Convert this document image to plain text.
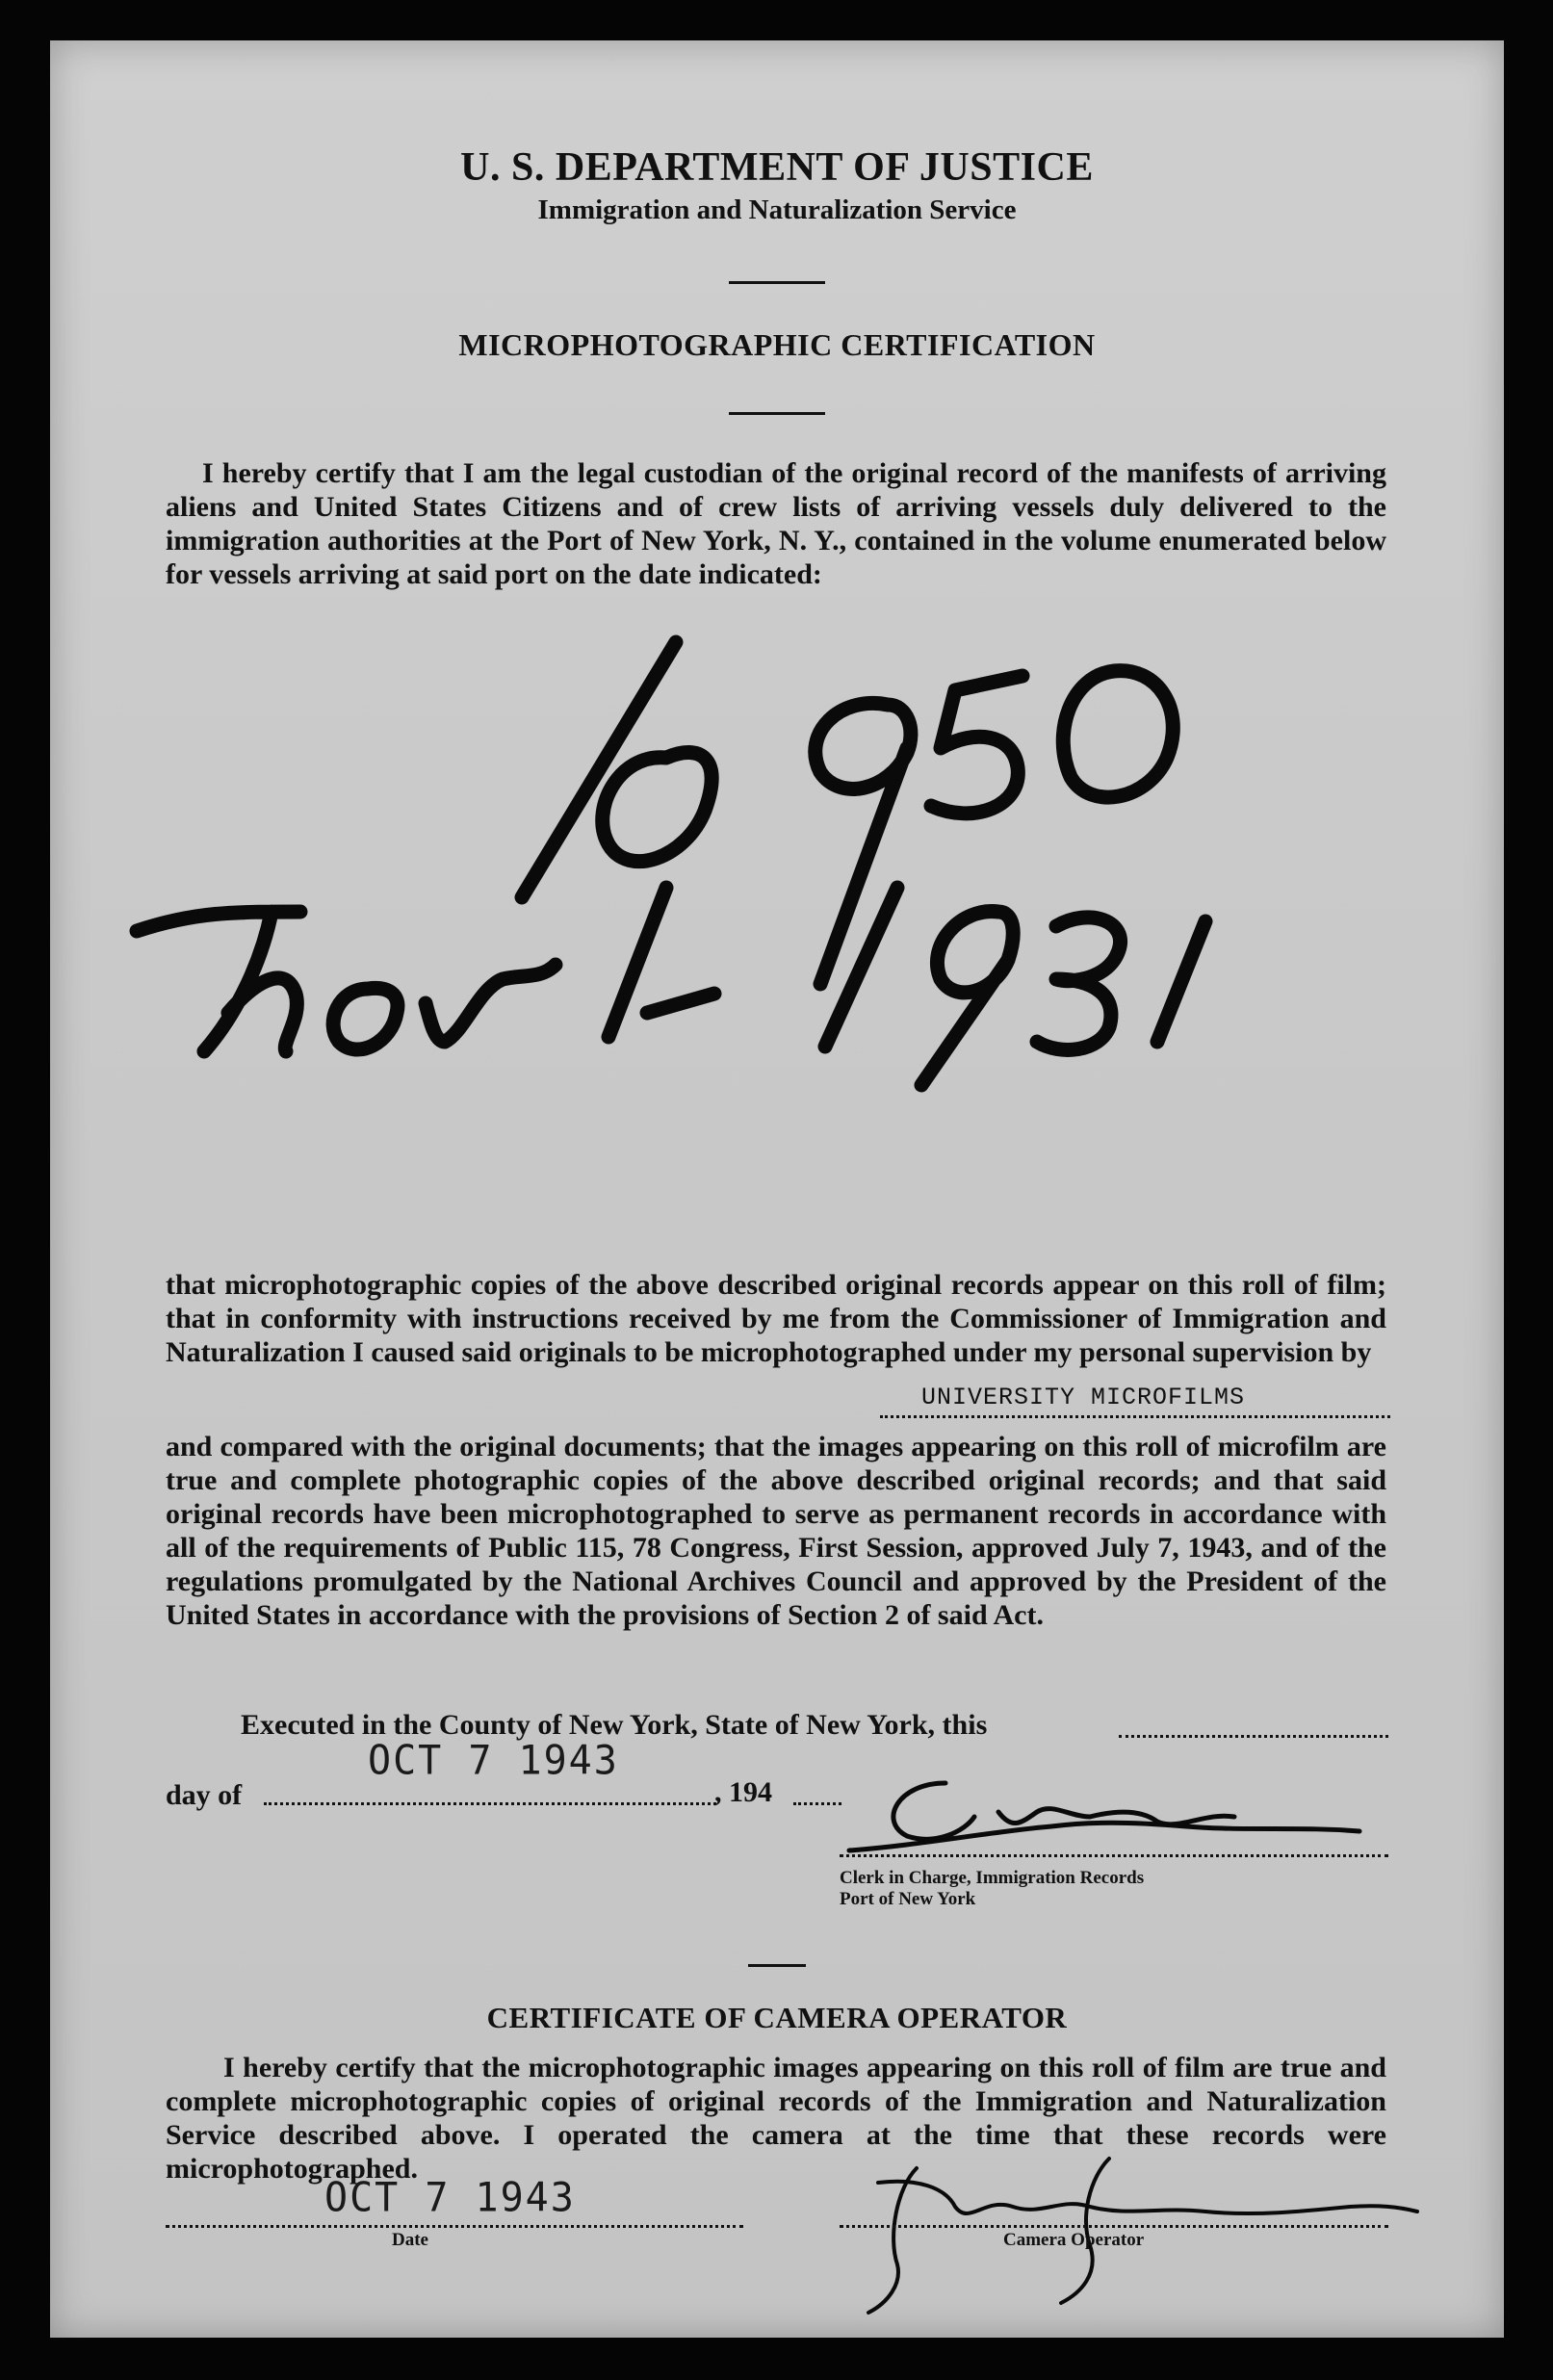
U. S. DEPARTMENT OF JUSTICE
Immigration and Naturalization Service
MICROPHOTOGRAPHIC CERTIFICATION
I hereby certify that I am the legal custodian of the original record of the manifests of arriving aliens and United States Citizens and of crew lists of arriving vessels duly delivered to the immigration authorities at the Port of New York, N. Y., contained in the volume enumerated below for vessels arriving at said port on the date indicated:
that microphotographic copies of the above described original records appear on this roll of film; that in conformity with instructions received by me from the Commissioner of Immigration and Naturalization I caused said originals to be microphotographed under my personal supervision by
UNIVERSITY MICROFILMS
and compared with the original documents; that the images appearing on this roll of microfilm are true and complete photographic copies of the above described original records; and that said original records have been microphotographed to serve as permanent records in accordance with all of the requirements of Public 115, 78 Congress, First Session, approved July 7, 1943, and of the regulations promulgated by the National Archives Council and approved by the President of the United States in accordance with the provisions of Section 2 of said Act.
Executed in the County of New York, State of New York, this
day of
OCT 7 1943
, 194
Clerk in Charge, Immigration Records
Port of New York
CERTIFICATE OF CAMERA OPERATOR
I hereby certify that the microphotographic images appearing on this roll of film are true and complete microphotographic copies of original records of the Immigration and Naturalization Service described above. I operated the camera at the time that these records were microphotographed.
OCT 7 1943
Date	Camera Operator
